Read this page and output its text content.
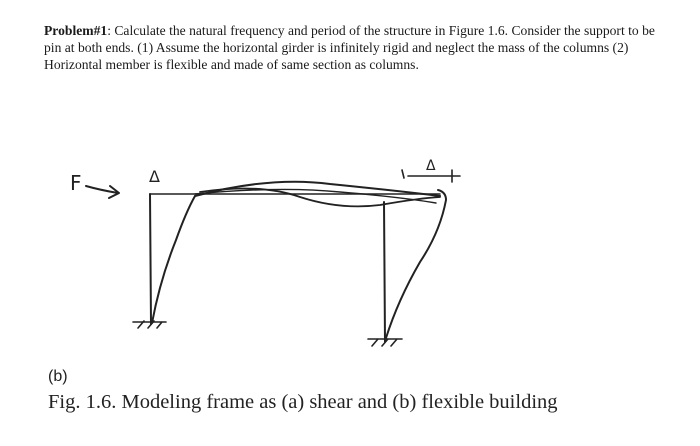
Problem#1: Calculate the natural frequency and period of the structure in Figure 1.6. Consider the support to be pin at both ends. (1) Assume the horizontal girder is infinitely rigid and neglect the mass of the columns (2) Horizontal member is flexible and made of same section as columns.
F	Δ
Δ
(b)
Fig. 1.6. Modeling frame as (a) shear and (b) flexible building
